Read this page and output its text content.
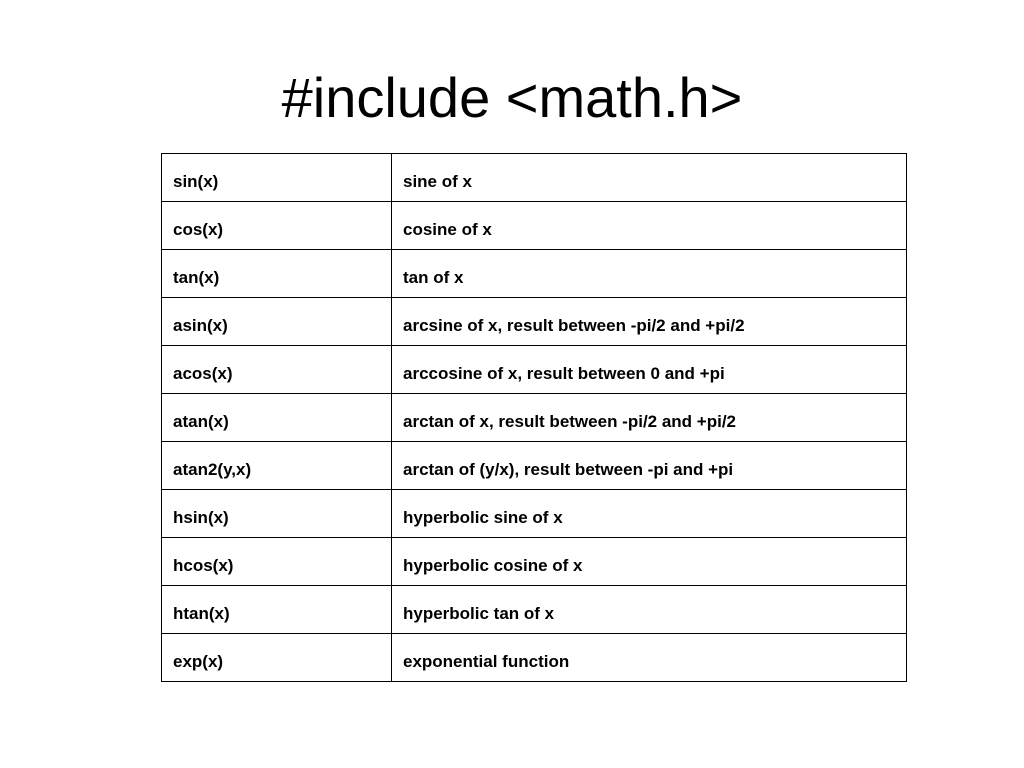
#include <math.h>
sin(x)	sine of x
cos(x)	cosine of x
tan(x)	tan of x
asin(x)	arcsine of x, result between -pi/2 and +pi/2
acos(x)	arccosine of x, result between 0 and +pi
atan(x)	arctan of x, result between -pi/2 and +pi/2
atan2(y,x)	arctan of (y/x), result between -pi and +pi
hsin(x)	hyperbolic sine of x
hcos(x)	hyperbolic cosine of x
htan(x)	hyperbolic tan of x
exp(x)	exponential function
